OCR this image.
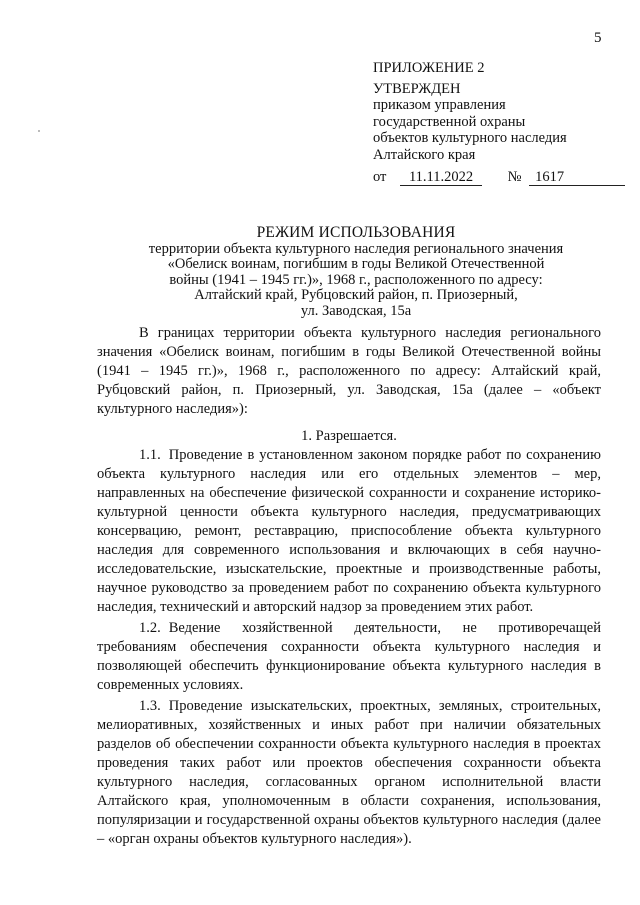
5
ПРИЛОЖЕНИЕ 2
УТВЕРЖДЕН
приказом управления
государственной охраны
объектов культурного наследия
Алтайского края
от 11.11.2022 № 1617
РЕЖИМ ИСПОЛЬЗОВАНИЯ
территории объекта культурного наследия регионального значения
«Обелиск воинам, погибшим в годы Великой Отечественной
войны (1941 – 1945 гг.)», 1968 г., расположенного по адресу:
Алтайский край, Рубцовский район, п. Приозерный,
ул. Заводская, 15а

В границах территории объекта культурного наследия регионального значения «Обелиск воинам, погибшим в годы Великой Отечественной войны (1941 – 1945 гг.)», 1968 г., расположенного по адресу: Алтайский край, Рубцовский район, п. Приозерный, ул. Заводская, 15а (далее – «объект культурного наследия»):

1. Разрешается.

1.1. Проведение в установленном законом порядке работ по сохранению объекта культурного наследия или его отдельных элементов – мер, направленных на обеспечение физической сохранности и сохранение историко-культурной ценности объекта культурного наследия, предусматривающих консервацию, ремонт, реставрацию, приспособление объекта культурного наследия для современного использования и включающих в себя научно-исследовательские, изыскательские, проектные и производственные работы, научное руководство за проведением работ по сохранению объекта культурного наследия, технический и авторский надзор за проведением этих работ.

1.2. Ведение хозяйственной деятельности, не противоречащей требованиям обеспечения сохранности объекта культурного наследия и позволяющей обеспечить функционирование объекта культурного наследия в современных условиях.

1.3. Проведение изыскательских, проектных, земляных, строительных, мелиоративных, хозяйственных и иных работ при наличии обязательных разделов об обеспечении сохранности объекта культурного наследия в проектах проведения таких работ или проектов обеспечения сохранности объекта культурного наследия, согласованных органом исполнительной власти Алтайского края, уполномоченным в области сохранения, использования, популяризации и государственной охраны объектов культурного наследия (далее – «орган охраны объектов культурного наследия»).
